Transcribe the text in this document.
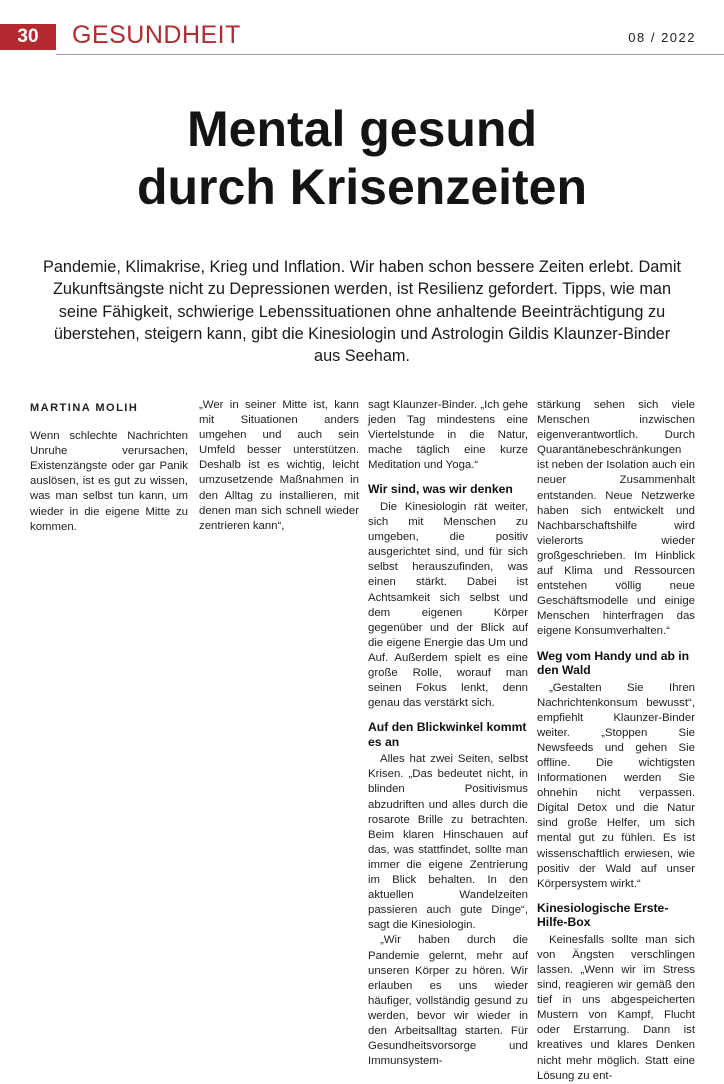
30	GESUNDHEIT	08 / 2022
Mental gesund
durch Krisenzeiten

Pandemie, Klimakrise, Krieg und Inflation. Wir haben schon bessere Zeiten erlebt. Damit Zukunftsängste nicht zu Depressionen werden, ist Resilienz gefordert. Tipps, wie man seine Fähigkeit, schwierige Lebenssituationen ohne anhaltende Beeinträchtigung zu überstehen, steigern kann, gibt die Kinesiologin und Astrologin Gildis Klaunzer-Binder aus Seeham.

MARTINA MOLIH

Wenn schlechte Nachrichten Unruhe verursachen, Existenzängste oder gar Panik auslösen, ist es gut zu wissen, was man selbst tun kann, um wieder in die eigene Mitte zu kommen.

„Wer in seiner Mitte ist, kann mit Situationen anders umgehen und auch sein Umfeld besser unterstützen. Deshalb ist es wichtig, leicht umzusetzende Maßnahmen in den Alltag zu installieren, mit denen man sich schnell wieder zentrieren kann“,

sagt Klaunzer-Binder. „Ich gehe jeden Tag mindestens eine Viertelstunde in die Natur, mache täglich eine kurze Meditation und Yoga.“

Wir sind, was wir denken

Die Kinesiologin rät weiter, sich mit Menschen zu umgeben, die positiv ausgerichtet sind, und für sich selbst herauszufinden, was einen stärkt. Dabei ist Achtsamkeit sich selbst und dem eigenen Körper gegenüber und der Blick auf die eigene Energie das Um und Auf. Außerdem spielt es eine große Rolle, worauf man seinen Fokus lenkt, denn genau das verstärkt sich.

Auf den Blickwinkel kommt es an

Alles hat zwei Seiten, selbst Krisen. „Das bedeutet nicht, in blinden Positivismus abzudriften und alles durch die rosarote Brille zu betrachten. Beim klaren Hinschauen auf das, was stattfindet, sollte man immer die eigene Zentrierung im Blick behalten. In den aktuellen Wandelzeiten passieren auch gute Dinge“, sagt die Kinesiologin.

„Wir haben durch die Pandemie gelernt, mehr auf unseren Körper zu hören. Wir erlauben es uns wieder häufiger, vollständig gesund zu werden, bevor wir wieder in den Arbeitsalltag starten. Für Gesundheitsvorsorge und Immunsystem-

stärkung sehen sich viele Menschen inzwischen eigenverantwortlich. Durch Quarantänebeschränkungen ist neben der Isolation auch ein neuer Zusammenhalt entstanden. Neue Netzwerke haben sich entwickelt und Nachbarschaftshilfe wird vielerorts wieder großgeschrieben. Im Hinblick auf Klima und Ressourcen entstehen völlig neue Geschäftsmodelle und einige Menschen hinterfragen das eigene Konsumverhalten.“

Weg vom Handy und ab in den Wald

„Gestalten Sie Ihren Nachrichtenkonsum bewusst“, empfiehlt Klaunzer-Binder weiter. „Stoppen Sie Newsfeeds und gehen Sie offline. Die wichtigsten Informationen werden Sie ohnehin nicht verpassen. Digital Detox und die Natur sind große Helfer, um sich mental gut zu fühlen. Es ist wissenschaftlich erwiesen, wie positiv der Wald auf unser Körpersystem wirkt.“

Kinesiologische Erste-Hilfe-Box

Keinesfalls sollte man sich von Ängsten verschlingen lassen. „Wenn wir im Stress sind, reagieren wir gemäß den tief in uns abgespeicherten Mustern von Kampf, Flucht oder Erstarrung. Dann ist kreatives und klares Denken nicht mehr möglich. Statt eine Lösung zu ent-
